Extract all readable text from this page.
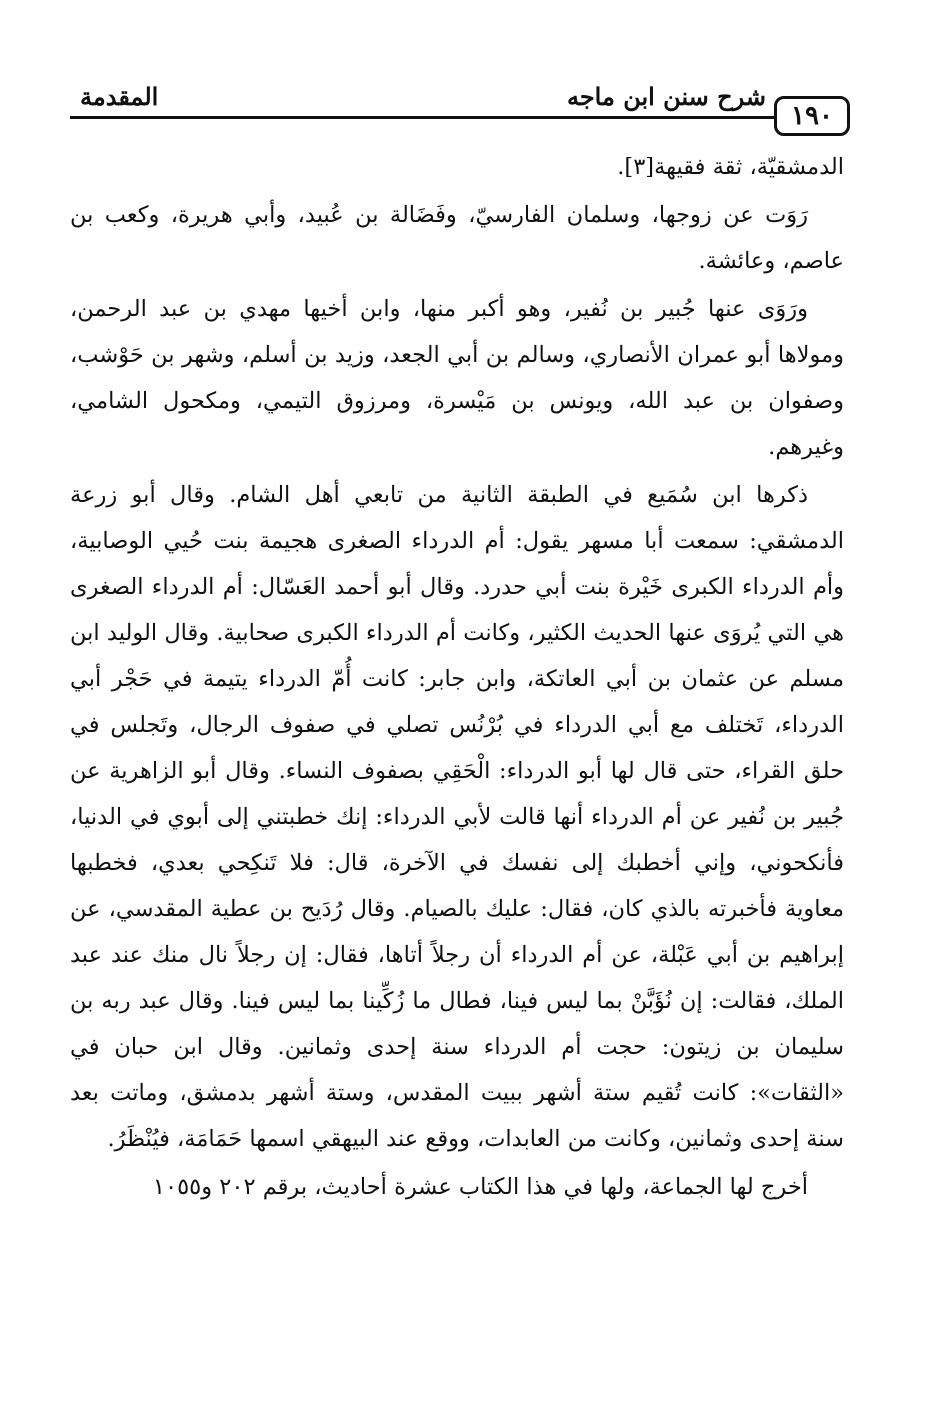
١٩٠
شرح سنن ابن ماجه
المقدمة

الدمشقيّة، ثقة فقيهة[٣].

رَوَت عن زوجها، وسلمان الفارسيّ، وفَضَالة بن عُبيد، وأبي هريرة، وكعب بن عاصم، وعائشة.

ورَوَى عنها جُبير بن نُفير، وهو أكبر منها، وابن أخيها مهدي بن عبد الرحمن، ومولاها أبو عمران الأنصاري، وسالم بن أبي الجعد، وزيد بن أسلم، وشهر بن حَوْشب، وصفوان بن عبد الله، ويونس بن مَيْسرة، ومرزوق التيمي، ومكحول الشامي، وغيرهم.

ذكرها ابن سُمَيع في الطبقة الثانية من تابعي أهل الشام. وقال أبو زرعة الدمشقي: سمعت أبا مسهر يقول: أم الدرداء الصغرى هجيمة بنت حُيي الوصابية، وأم الدرداء الكبرى خَيْرة بنت أبي حدرد. وقال أبو أحمد العَسّال: أم الدرداء الصغرى هي التي يُروَى عنها الحديث الكثير، وكانت أم الدرداء الكبرى صحابية. وقال الوليد ابن مسلم عن عثمان بن أبي العاتكة، وابن جابر: كانت أُمّ الدرداء يتيمة في حَجْر أبي الدرداء، تَختلف مع أبي الدرداء في بُرْنُس تصلي في صفوف الرجال، وتَجلس في حلق القراء، حتى قال لها أبو الدرداء: الْحَقِي بصفوف النساء. وقال أبو الزاهرية عن جُبير بن نُفير عن أم الدرداء أنها قالت لأبي الدرداء: إنك خطبتني إلى أبوي في الدنيا، فأنكحوني، وإني أخطبك إلى نفسك في الآخرة، قال: فلا تَنكِحي بعدي، فخطبها معاوية فأخبرته بالذي كان، فقال: عليك بالصيام. وقال رُدَيح بن عطية المقدسي، عن إبراهيم بن أبي عَبْلة، عن أم الدرداء أن رجلاً أتاها، فقال: إن رجلاً نال منك عند عبد الملك، فقالت: إن نُؤَبَّنْ بما ليس فينا، فطال ما زُكِّينا بما ليس فينا. وقال عبد ربه بن سليمان بن زيتون: حجت أم الدرداء سنة إحدى وثمانين. وقال ابن حبان في «الثقات»: كانت تُقيم ستة أشهر ببيت المقدس، وستة أشهر بدمشق، وماتت بعد سنة إحدى وثمانين، وكانت من العابدات، ووقع عند البيهقي اسمها حَمَامَة، فيُنْظَرُ.

أخرج لها الجماعة، ولها في هذا الكتاب عشرة أحاديث، برقم ٢٠٢ و١٠٥٥
